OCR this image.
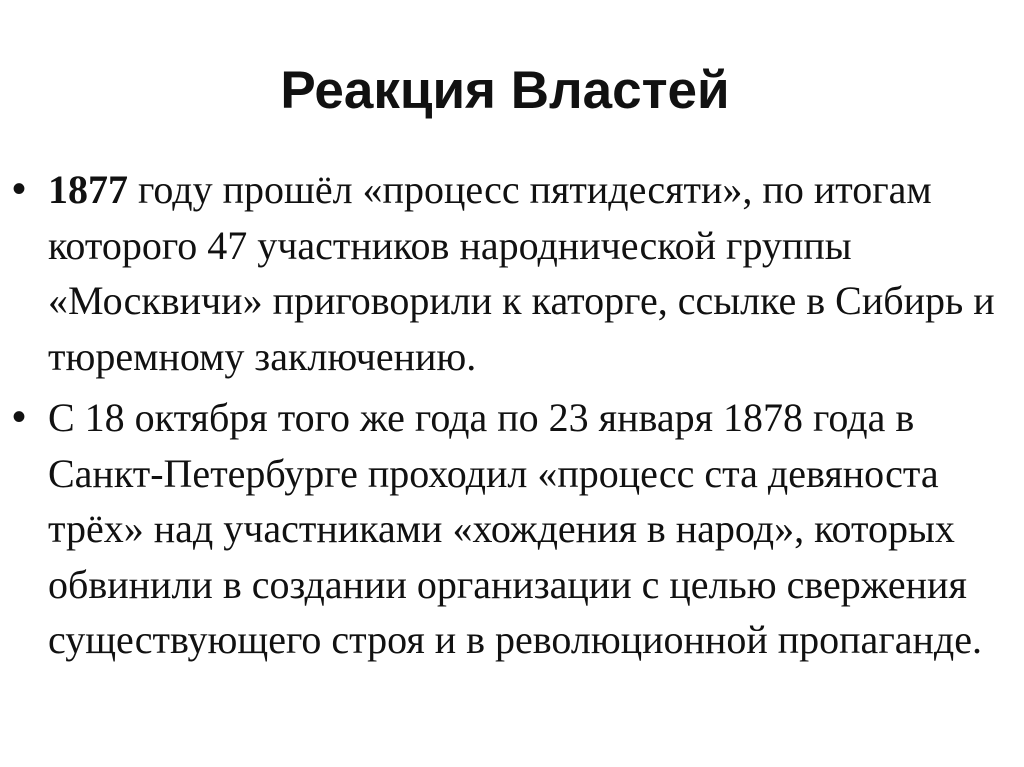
Реакция Властей
• 1877 году прошёл «процесс пятидесяти», по итогам которого 47 участников народнической группы «Москвичи» приговорили к каторге, ссылке в Сибирь и тюремному заключению.
• С 18 октября того же года по 23 января 1878 года в Санкт-Петербурге проходил «процесс ста девяноста трёх» над участниками «хождения в народ», которых обвинили в создании организации с целью свержения существующего строя и в революционной пропаганде.
